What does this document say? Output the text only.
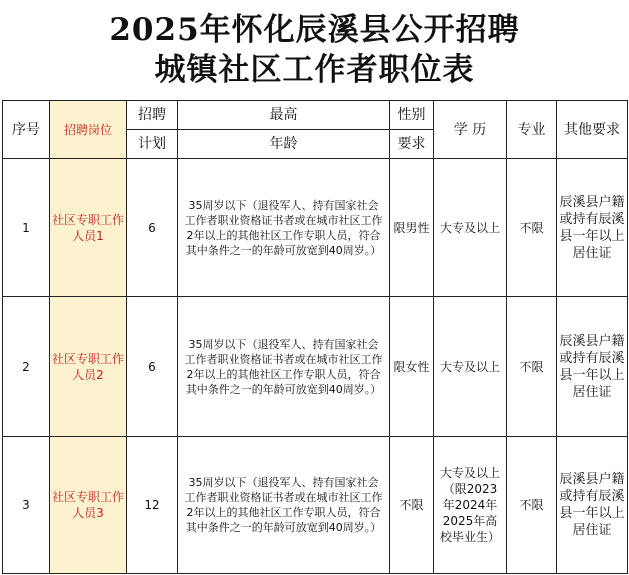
2025年怀化辰溪县公开招聘
城镇社区工作者职位表
序号	招聘岗位	招聘	最高	性别	学 历	专业	其他要求
		计划	年龄	要求			
1	社区专职工作人员1	6	35周岁以下（退役军人、持有国家社会工作者职业资格证书者或在城市社区工作2年以上的其他社区工作专职人员，符合其中条件之一的年龄可放宽到40周岁。）	限男性	大专及以上	不限	辰溪县户籍或持有辰溪县一年以上居住证
2	社区专职工作人员2	6	35周岁以下（退役军人、持有国家社会工作者职业资格证书者或在城市社区工作2年以上的其他社区工作专职人员，符合其中条件之一的年龄可放宽到40周岁。）	限女性	大专及以上	不限	辰溪县户籍或持有辰溪县一年以上居住证
3	社区专职工作人员3	12	35周岁以下（退役军人、持有国家社会工作者职业资格证书者或在城市社区工作2年以上的其他社区工作专职人员，符合其中条件之一的年龄可放宽到40周岁。）	不限	大专及以上（限2023年2024年2025年高校毕业生）	不限	辰溪县户籍或持有辰溪县一年以上居住证
